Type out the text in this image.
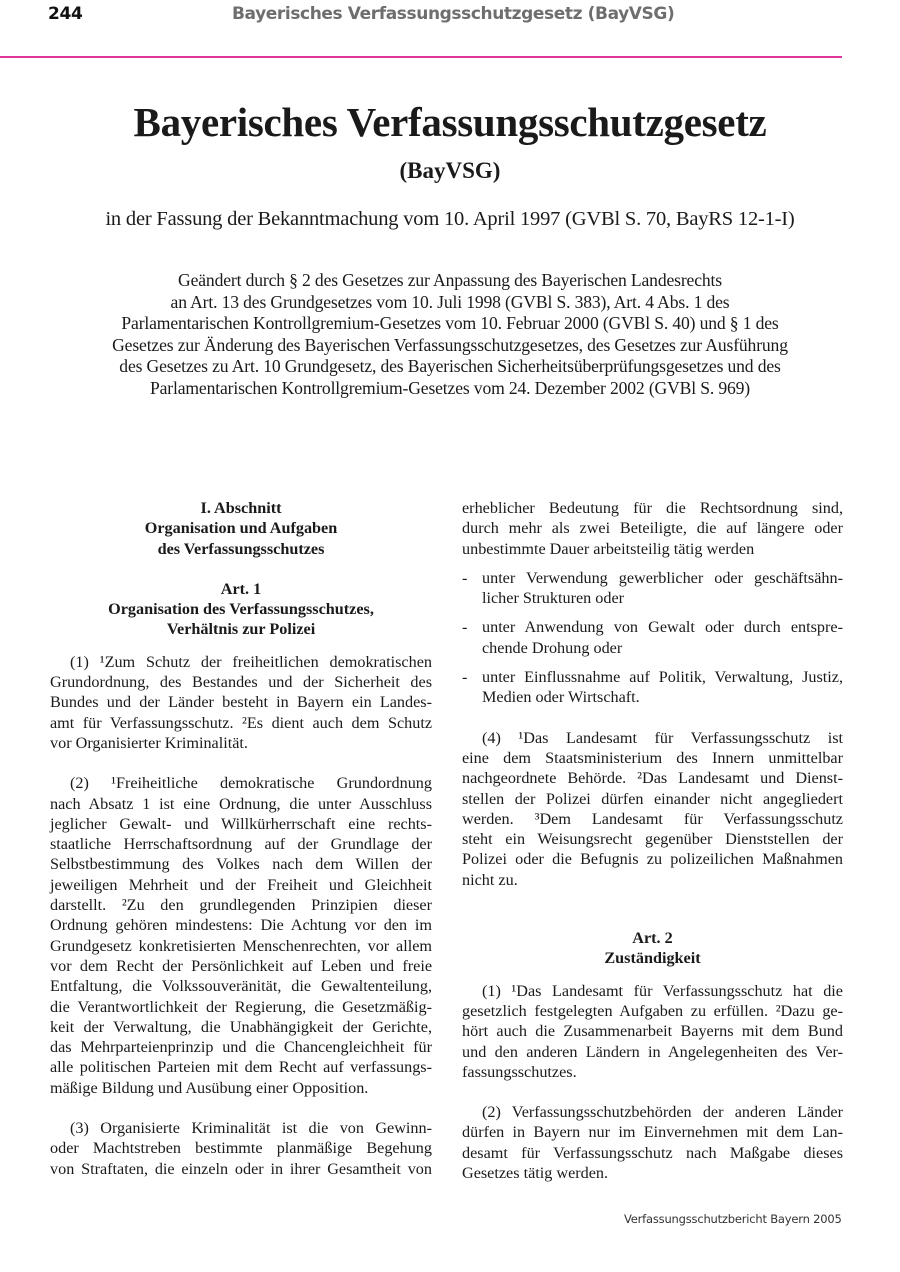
244	Bayerisches Verfassungsschutzgesetz (BayVSG)
Bayerisches Verfassungsschutzgesetz
(BayVSG)
in der Fassung der Bekanntmachung vom 10. April 1997 (GVBl S. 70, BayRS 12-1-I)
Geändert durch § 2 des Gesetzes zur Anpassung des Bayerischen Landesrechts
an Art. 13 des Grundgesetzes vom 10. Juli 1998 (GVBl S. 383), Art. 4 Abs. 1 des
Parlamentarischen Kontrollgremium-Gesetzes vom 10. Februar 2000 (GVBl S. 40) und § 1 des
Gesetzes zur Änderung des Bayerischen Verfassungsschutzgesetzes, des Gesetzes zur Ausführung
des Gesetzes zu Art. 10 Grundgesetz, des Bayerischen Sicherheitsüberprüfungsgesetzes und des
Parlamentarischen Kontrollgremium-Gesetzes vom 24. Dezember 2002 (GVBl S. 969)
I. Abschnitt
Organisation und Aufgaben
des Verfassungsschutzes
Art. 1
Organisation des Verfassungsschutzes,
Verhältnis zur Polizei
(1) ¹Zum Schutz der freiheitlichen demokratischen
Grundordnung, des Bestandes und der Sicherheit des
Bundes und der Länder besteht in Bayern ein Landes-
amt für Verfassungsschutz. ²Es dient auch dem Schutz
vor Organisierter Kriminalität.
(2) ¹Freiheitliche demokratische Grundordnung
nach Absatz 1 ist eine Ordnung, die unter Ausschluss
jeglicher Gewalt- und Willkürherrschaft eine rechts-
staatliche Herrschaftsordnung auf der Grundlage der
Selbstbestimmung des Volkes nach dem Willen der
jeweiligen Mehrheit und der Freiheit und Gleichheit
darstellt. ²Zu den grundlegenden Prinzipien dieser
Ordnung gehören mindestens: Die Achtung vor den im
Grundgesetz konkretisierten Menschenrechten, vor allem
vor dem Recht der Persönlichkeit auf Leben und freie
Entfaltung, die Volkssouveränität, die Gewaltenteilung,
die Verantwortlichkeit der Regierung, die Gesetzmäßig-
keit der Verwaltung, die Unabhängigkeit der Gerichte,
das Mehrparteienprinzip und die Chancengleichheit für
alle politischen Parteien mit dem Recht auf verfassungs-
mäßige Bildung und Ausübung einer Opposition.
(3) Organisierte Kriminalität ist die von Gewinn-
oder Machtstreben bestimmte planmäßige Begehung
von Straftaten, die einzeln oder in ihrer Gesamtheit von
erheblicher Bedeutung für die Rechtsordnung sind,
durch mehr als zwei Beteiligte, die auf längere oder
unbestimmte Dauer arbeitsteilig tätig werden
- unter Verwendung gewerblicher oder geschäftsähn-
licher Strukturen oder
- unter Anwendung von Gewalt oder durch entspre-
chende Drohung oder
- unter Einflussnahme auf Politik, Verwaltung, Justiz,
Medien oder Wirtschaft.
(4) ¹Das Landesamt für Verfassungsschutz ist
eine dem Staatsministerium des Innern unmittelbar
nachgeordnete Behörde. ²Das Landesamt und Dienst-
stellen der Polizei dürfen einander nicht angegliedert
werden. ³Dem Landesamt für Verfassungsschutz
steht ein Weisungsrecht gegenüber Dienststellen der
Polizei oder die Befugnis zu polizeilichen Maßnahmen
nicht zu.
Art. 2
Zuständigkeit
(1) ¹Das Landesamt für Verfassungsschutz hat die
gesetzlich festgelegten Aufgaben zu erfüllen. ²Dazu ge-
hört auch die Zusammenarbeit Bayerns mit dem Bund
und den anderen Ländern in Angelegenheiten des Ver-
fassungsschutzes.
(2) Verfassungsschutzbehörden der anderen Länder
dürfen in Bayern nur im Einvernehmen mit dem Lan-
desamt für Verfassungsschutz nach Maßgabe dieses
Gesetzes tätig werden.
Verfassungsschutzbericht Bayern 2005
